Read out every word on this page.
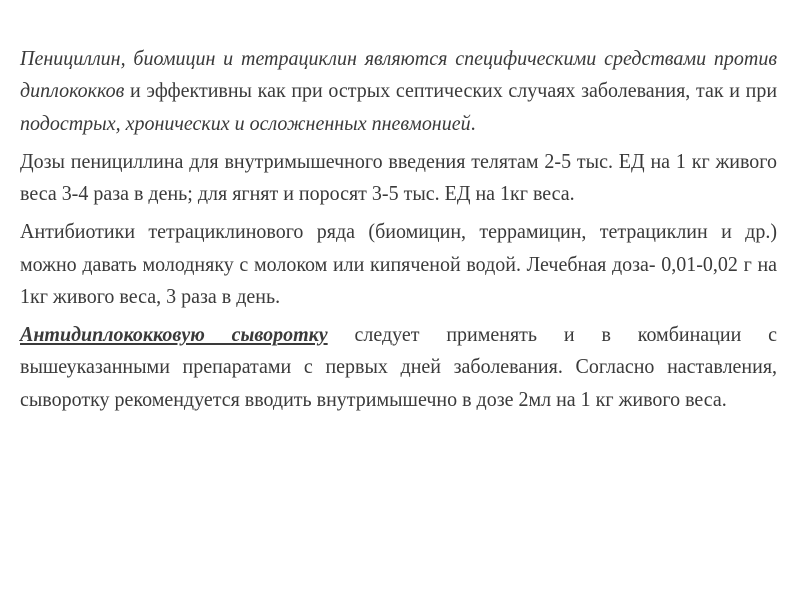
Пенициллин, биомицин и тетрациклин являются специфическими средствами против диплококков и эффективны как при острых септических случаях заболевания, так и при подострых, хронических и осложненных пневмонией.

Дозы пенициллина для внутримышечного введения телятам 2-5 тыс. ЕД на 1 кг живого веса 3-4 раза в день; для ягнят и поросят 3-5 тыс. ЕД на 1кг веса.

Антибиотики тетрациклинового ряда (биомицин, террамицин, тетрациклин и др.) можно давать молодняку с молоком или кипяченой водой. Лечебная доза- 0,01-0,02 г на 1кг живого веса, 3 раза в день.

Антидиплококковую сыворотку следует применять и в комбинации с вышеуказанными препаратами с первых дней заболевания. Согласно наставления, сыворотку рекомендуется вводить внутримышечно в дозе 2мл на 1 кг живого веса.
